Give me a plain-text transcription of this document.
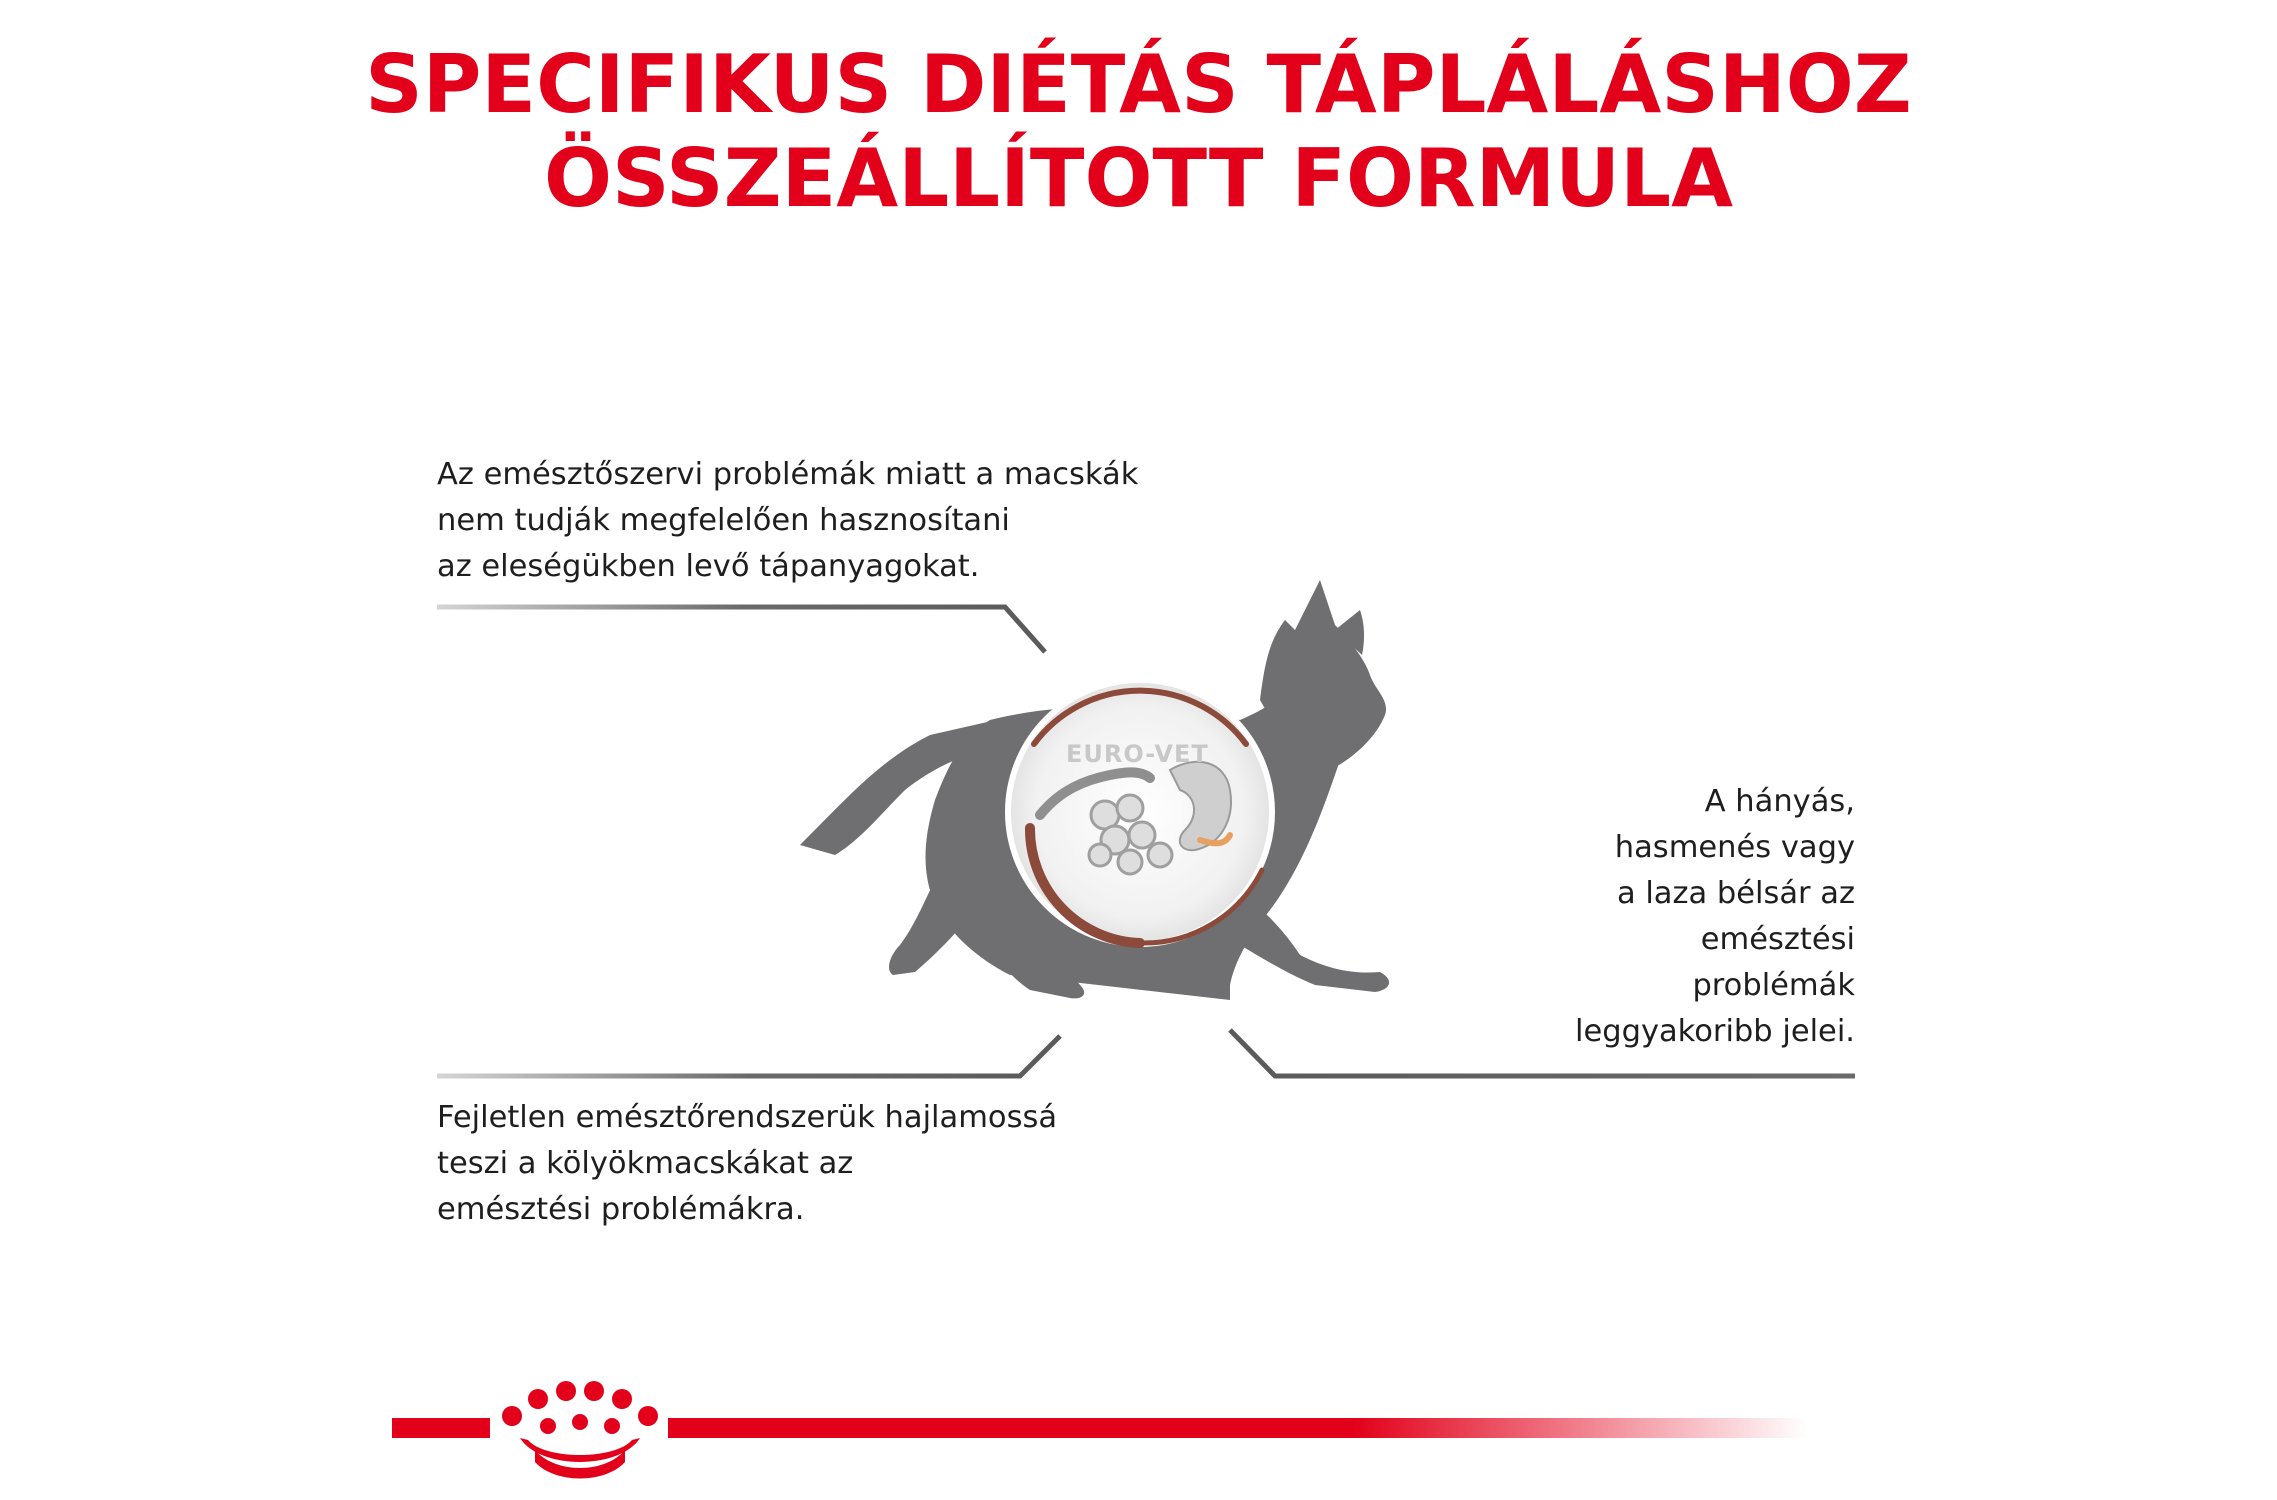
SPECIFIKUS DIÉTÁS TÁPLÁLÁSHOZ
ÖSSZEÁLLÍTOTT FORMULA
EURO-VET
Az emésztőszervi problémák miatt a macskák
nem tudják megfelelően hasznosítani
az eleségükben levő tápanyagokat.
Fejletlen emésztőrendszerük hajlamossá
teszi a kölyökmacskákat az
emésztési problémákra.
A hányás,
hasmenés vagy
a laza bélsár az
emésztési
problémák
leggyakoribb jelei.
